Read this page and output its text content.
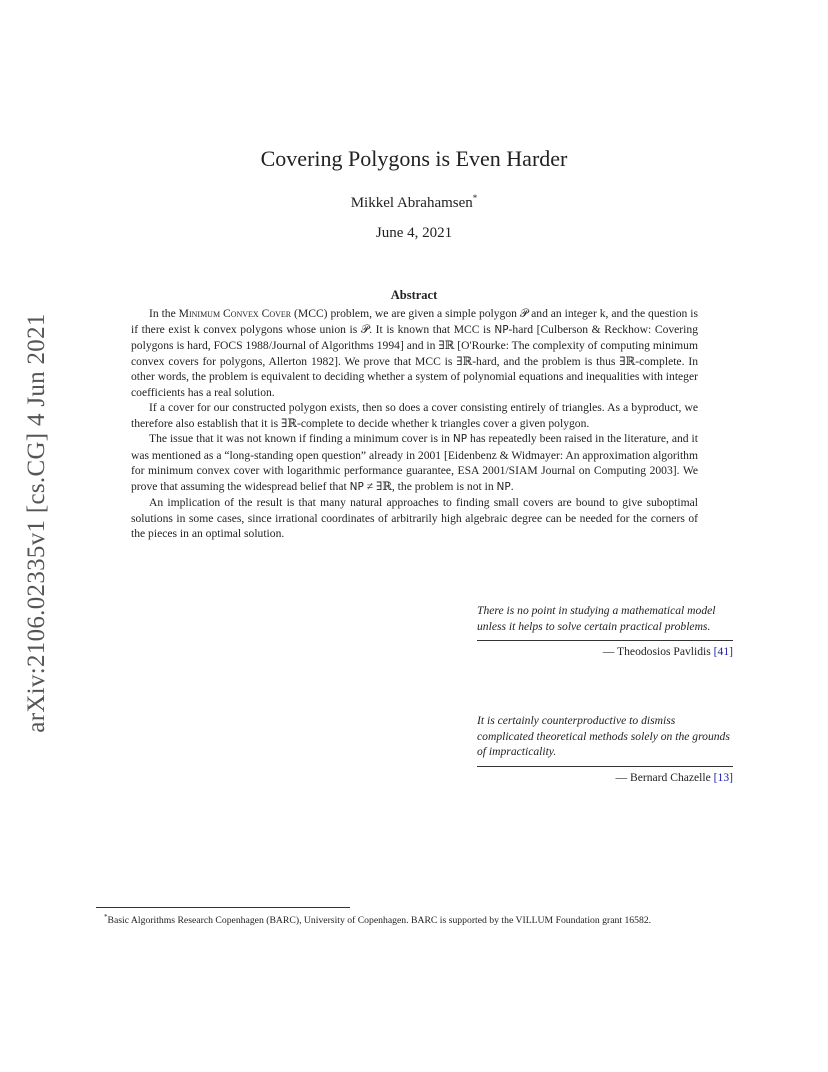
arXiv:2106.02335v1 [cs.CG] 4 Jun 2021
Covering Polygons is Even Harder
Mikkel Abrahamsen*
June 4, 2021
Abstract

In the Minimum Convex Cover (MCC) problem, we are given a simple polygon 𝒫 and an integer k, and the question is if there exist k convex polygons whose union is 𝒫. It is known that MCC is NP-hard [Culberson & Reckhow: Covering polygons is hard, FOCS 1988/Journal of Algorithms 1994] and in ∃ℝ [O'Rourke: The complexity of computing minimum convex covers for polygons, Allerton 1982]. We prove that MCC is ∃ℝ-hard, and the problem is thus ∃ℝ-complete. In other words, the problem is equivalent to deciding whether a system of polynomial equations and inequalities with integer coefficients has a real solution.

If a cover for our constructed polygon exists, then so does a cover consisting entirely of triangles. As a byproduct, we therefore also establish that it is ∃ℝ-complete to decide whether k triangles cover a given polygon.

The issue that it was not known if finding a minimum cover is in NP has repeatedly been raised in the literature, and it was mentioned as a “long-standing open question” already in 2001 [Eidenbenz & Widmayer: An approximation algorithm for minimum convex cover with logarithmic performance guarantee, ESA 2001/SIAM Journal on Computing 2003]. We prove that assuming the widespread belief that NP ≠ ∃ℝ, the problem is not in NP.

An implication of the result is that many natural approaches to finding small covers are bound to give suboptimal solutions in some cases, since irrational coordinates of arbitrarily high algebraic degree can be needed for the corners of the pieces in an optimal solution.

There is no point in studying a mathematical model unless it helps to solve certain practical problems.
— Theodosios Pavlidis [41]
It is certainly counterproductive to dismiss complicated theoretical methods solely on the grounds of impracticality.
— Bernard Chazelle [13]
*Basic Algorithms Research Copenhagen (BARC), University of Copenhagen. BARC is supported by the VILLUM Foundation grant 16582.
